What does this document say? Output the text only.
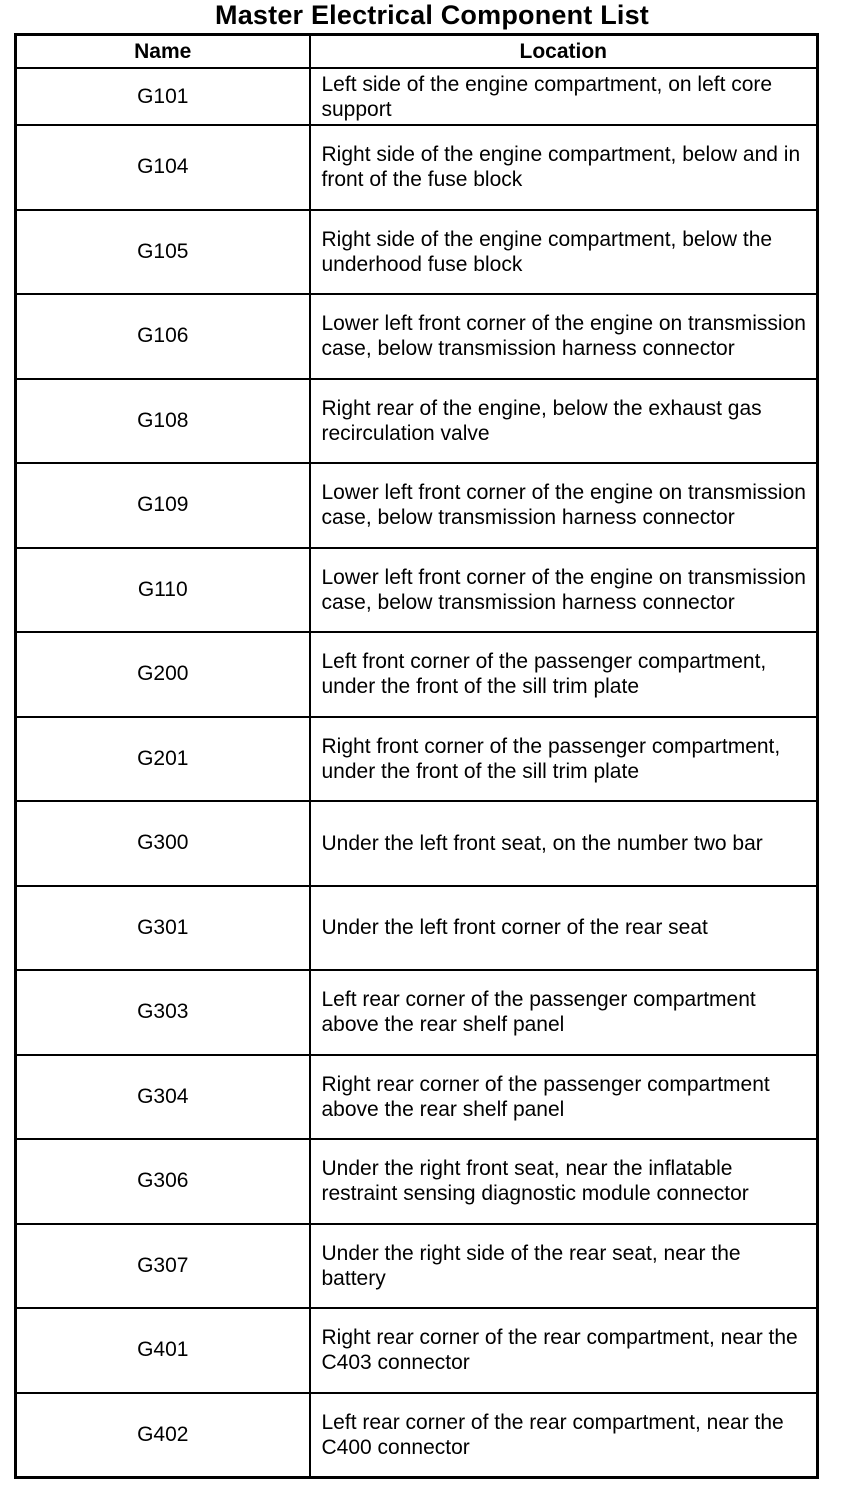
Master Electrical Component List
Name	Location
G101	Left side of the engine compartment, on left core support
G104	Right side of the engine compartment, below and in front of the fuse block
G105	Right side of the engine compartment, below the underhood fuse block
G106	Lower left front corner of the engine on transmission case, below transmission harness connector
G108	Right rear of the engine, below the exhaust gas recirculation valve
G109	Lower left front corner of the engine on transmission case, below transmission harness connector
G110	Lower left front corner of the engine on transmission case, below transmission harness connector
G200	Left front corner of the passenger compartment, under the front of the sill trim plate
G201	Right front corner of the passenger compartment, under the front of the sill trim plate
G300	Under the left front seat, on the number two bar
G301	Under the left front corner of the rear seat
G303	Left rear corner of the passenger compartment above the rear shelf panel
G304	Right rear corner of the passenger compartment above the rear shelf panel
G306	Under the right front seat, near the inflatable restraint sensing diagnostic module connector
G307	Under the right side of the rear seat, near the battery
G401	Right rear corner of the rear compartment, near the C403 connector
G402	Left rear corner of the rear compartment, near the C400 connector
